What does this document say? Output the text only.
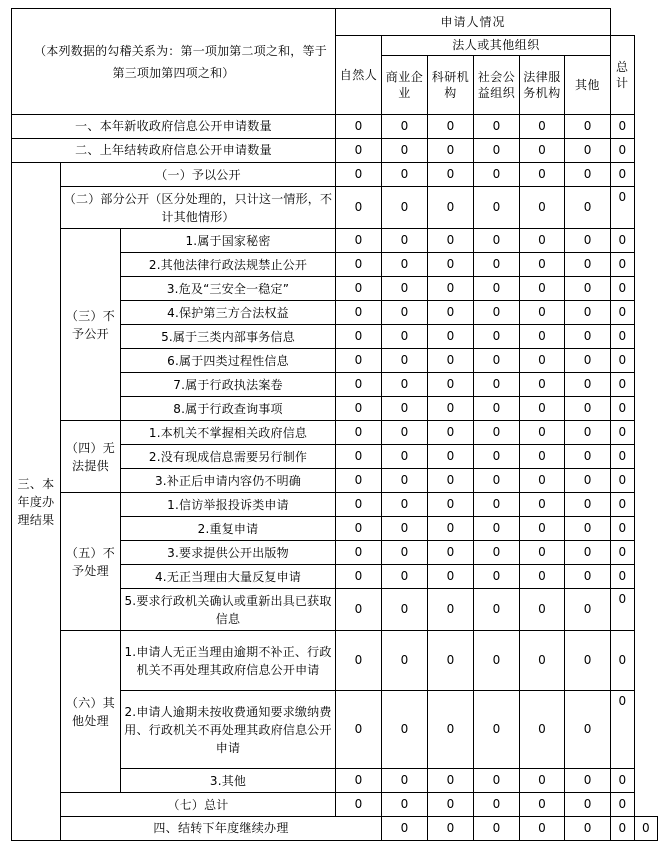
（本列数据的勾稽关系为：第一项加第二项之和，等于
第三项加第四项之和）			申请人情况							
			自然人	法人或其他组织					总计	
				商业企业	科研机构	社会公益组织	法律服务机构	其他		
一、本年新收政府信息公开申请数量			0	0	0	0	0	0	0	
二、上年结转政府信息公开申请数量			0	0	0	0	0	0	0	
三、本年度办理结果	（一）予以公开		0	0	0	0	0	0	0	
	（二）部分公开（区分处理的，只计这一情形，不计其他情形）		0	0	0	0	0	0	0	
	（三）不予公开	1.属于国家秘密	0	0	0	0	0	0	0	
		2.其他法律行政法规禁止公开	0	0	0	0	0	0	0	
		3.危及“三安全一稳定”	0	0	0	0	0	0	0	
		4.保护第三方合法权益	0	0	0	0	0	0	0	
		5.属于三类内部事务信息	0	0	0	0	0	0	0	
		6.属于四类过程性信息	0	0	0	0	0	0	0	
		7.属于行政执法案卷	0	0	0	0	0	0	0	
		8.属于行政查询事项	0	0	0	0	0	0	0	
	（四）无法提供	1.本机关不掌握相关政府信息	0	0	0	0	0	0	0	
		2.没有现成信息需要另行制作	0	0	0	0	0	0	0	
		3.补正后申请内容仍不明确	0	0	0	0	0	0	0	
	（五）不予处理	1.信访举报投诉类申请	0	0	0	0	0	0	0	
		2.重复申请	0	0	0	0	0	0	0	
		3.要求提供公开出版物	0	0	0	0	0	0	0	
		4.无正当理由大量反复申请	0	0	0	0	0	0	0	
		5.要求行政机关确认或重新出具已获取信息	0	0	0	0	0	0	0	
	（六）其他处理	1.申请人无正当理由逾期不补正、行政机关不再处理其政府信息公开申请	0	0	0	0	0	0	0	
		2.申请人逾期未按收费通知要求缴纳费用、行政机关不再处理其政府信息公开申请	0	0	0	0	0	0	0	
		3.其他	0	0	0	0	0	0	0	
	（七）总计		0	0	0	0	0	0	0	
	四、结转下年度继续办理			0	0	0	0	0	0	0
